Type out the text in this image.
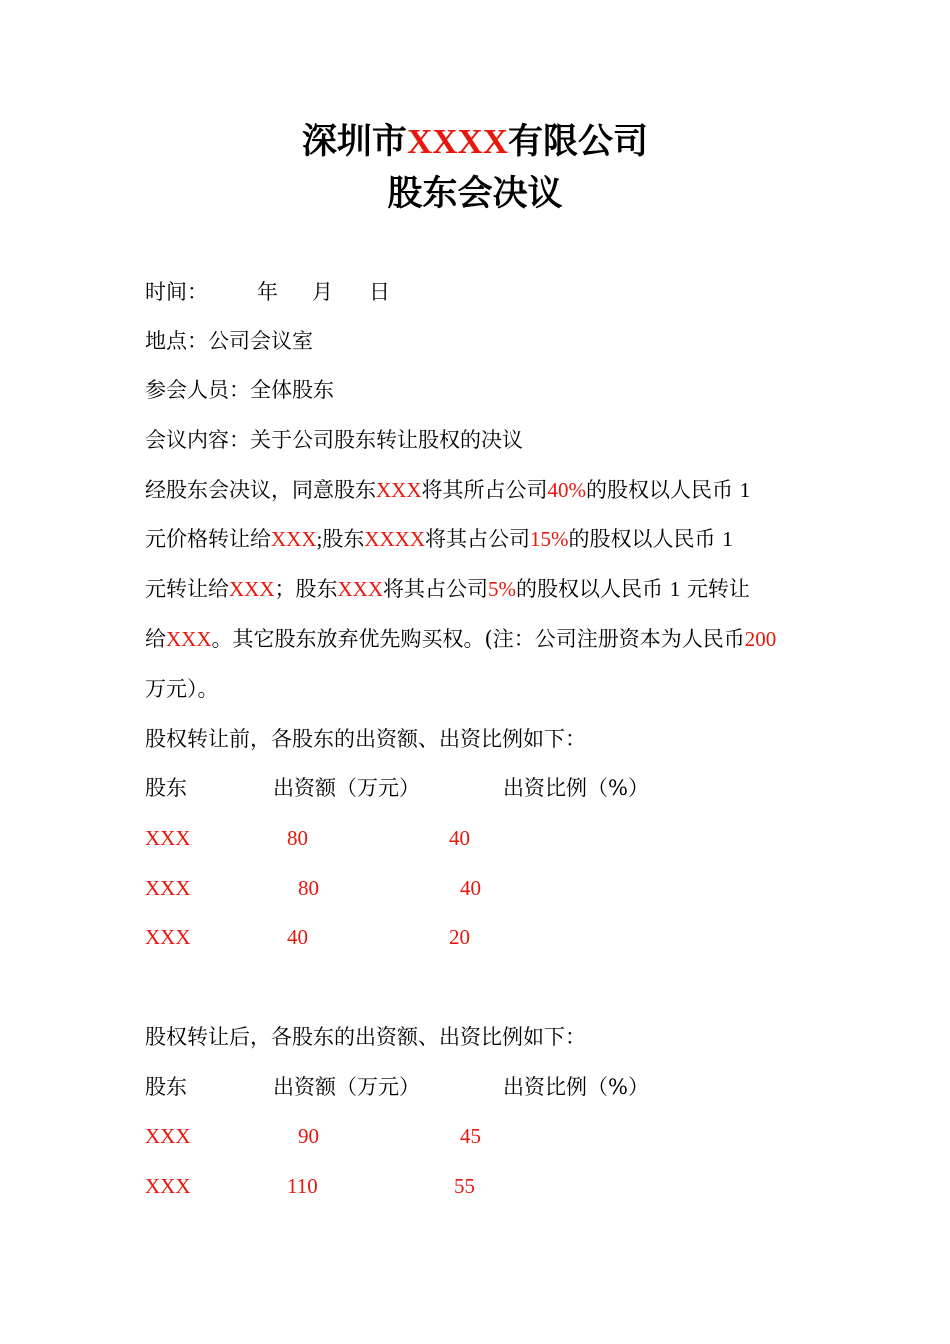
深圳市XXXX有限公司
股东会决议
时间： 年 月 日
地点：公司会议室
参会人员：全体股东
会议内容：关于公司股东转让股权的决议
经股东会决议，同意股东XXX将其所占公司40%的股权以人民币 1
元价格转让给XXX;股东XXXX将其占公司15%的股权以人民币 1
元转让给XXX；股东XXX将其占公司5%的股权以人民币 1 元转让
给XXX。其它股东放弃优先购买权。(注：公司注册资本为人民币200
万元）。
股权转让前，各股东的出资额、出资比例如下：
股东	出资额（万元）	出资比例（%）
XXX	80	40
XXX	80	40
XXX	40	20
股权转让后，各股东的出资额、出资比例如下：
股东	出资额（万元）	出资比例（%）
XXX	90	45
XXX	110	55
